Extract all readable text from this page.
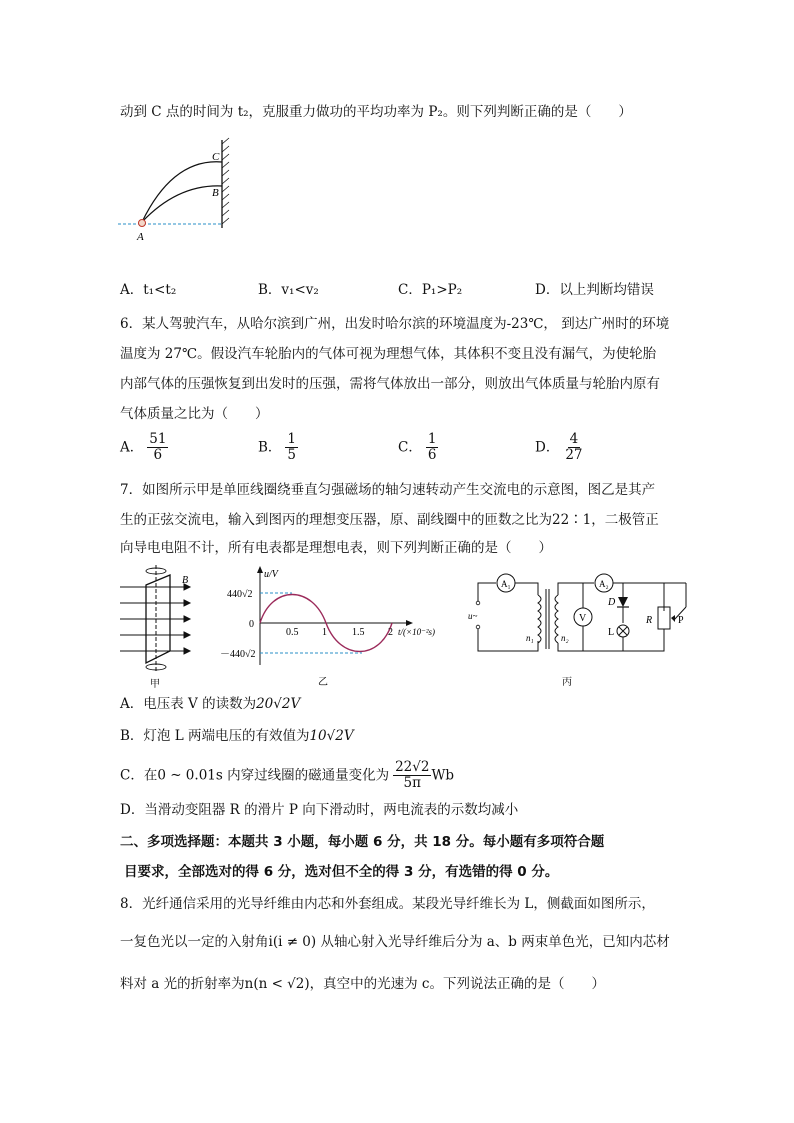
动到 C 点的时间为 t₂，克服重力做功的平均功率为 P₂。则下列判断正确的是（　　）
A
B
C
A．t₁<t₂	B．v₁<v₂	C．P₁>P₂	D．以上判断均错误
6．某人驾驶汽车，从哈尔滨到广州，出发时哈尔滨的环境温度为-23℃， 到达广州时的环境
温度为 27℃。假设汽车轮胎内的气体可视为理想气体，其体积不变且没有漏气，为使轮胎
内部气体的压强恢复到出发时的压强，需将气体放出一部分，则放出气体质量与轮胎内原有
气体质量之比为（　　）
A． $\frac{51}{6}$	B． $\frac{1}{5}$	C． $\frac{1}{6}$	D． $\frac{4}{27}$
7．如图所示甲是单匝线圈绕垂直匀强磁场的轴匀速转动产生交流电的示意图，图乙是其产
生的正弦交流电，输入到图丙的理想变压器，原、副线圈中的匝数之比为22∶1，二极管正
向导电电阻不计，所有电表都是理想电表，则下列判断正确的是（　　）
B
甲
u/V
440√2
0
－440√2
0.5 1	1.5 2 t/(×10⁻²s)
乙
A₁	A₂
V
u~
n₁	n₂
D
L
R	P
丙
A．电压表 V 的读数为20√2V
B．灯泡 L 两端电压的有效值为10√2V
C．在0 ~ 0.01s 内穿过线圈的磁通量变化为 $\frac{22√2}{5\pi}$ Wb
D．当滑动变阻器 R 的滑片 P 向下滑动时，两电流表的示数均减小
二、多项选择题：本题共 3 小题，每小题 6 分，共 18 分。每小题有多项符合题
目要求，全部选对的得 6 分，选对但不全的得 3 分，有选错的得 0 分。
8．光纤通信采用的光导纤维由内芯和外套组成。某段光导纤维长为 L，侧截面如图所示，
一复色光以一定的入射角i(i ≠ 0) 从轴心射入光导纤维后分为 a、b 两束单色光，已知内芯材
料对 a 光的折射率为n(n < √2)，真空中的光速为 c。下列说法正确的是（　　）
